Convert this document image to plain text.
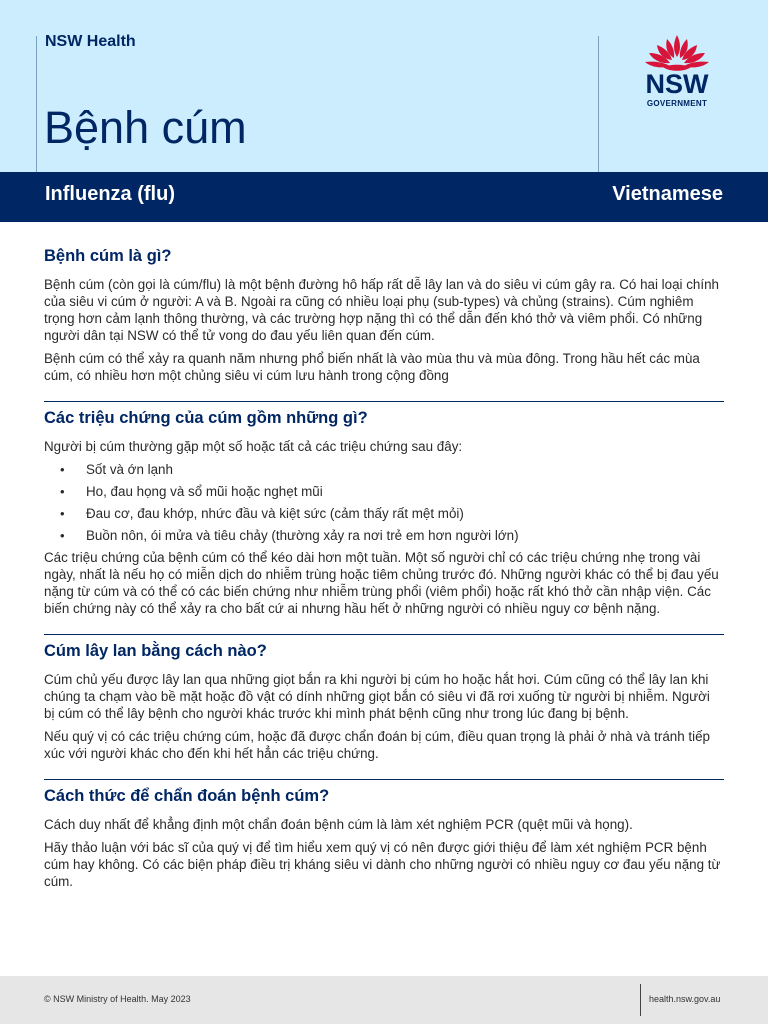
NSW Health
Bệnh cúm
NSW
GOVERNMENT
Influenza (flu)	Vietnamese
Bệnh cúm là gì?

Bệnh cúm (còn gọi là cúm/flu) là một bệnh đường hô hấp rất dễ lây lan và do siêu vi cúm gây ra. Có hai loại chính của siêu vi cúm ở người: A và B. Ngoài ra cũng có nhiều loại phụ (sub-types) và chủng (strains). Cúm nghiêm trọng hơn cảm lạnh thông thường, và các trường hợp nặng thì có thể dẫn đến khó thở và viêm phổi. Có những người dân tại NSW có thể tử vong do đau yếu liên quan đến cúm.

Bệnh cúm có thể xảy ra quanh năm nhưng phổ biến nhất là vào mùa thu và mùa đông. Trong hầu hết các mùa cúm, có nhiều hơn một chủng siêu vi cúm lưu hành trong cộng đồng

Các triệu chứng của cúm gồm những gì?

Người bị cúm thường gặp một số hoặc tất cả các triệu chứng sau đây:

• Sốt và ớn lạnh
• Ho, đau họng và sổ mũi hoặc nghẹt mũi
• Đau cơ, đau khớp, nhức đầu và kiệt sức (cảm thấy rất mệt mỏi)
• Buồn nôn, ói mửa và tiêu chảy (thường xảy ra nơi trẻ em hơn người lớn)

Các triệu chứng của bệnh cúm có thể kéo dài hơn một tuần. Một số người chỉ có các triệu chứng nhẹ trong vài ngày, nhất là nếu họ có miễn dịch do nhiễm trùng hoặc tiêm chủng trước đó. Những người khác có thể bị đau yếu nặng từ cúm và có thể có các biến chứng như nhiễm trùng phổi (viêm phổi) hoặc rất khó thở cần nhập viện. Các biến chứng này có thể xảy ra cho bất cứ ai nhưng hầu hết ở những người có nhiều nguy cơ bệnh nặng.

Cúm lây lan bằng cách nào?

Cúm chủ yếu được lây lan qua những giọt bắn ra khi người bị cúm ho hoặc hắt hơi. Cúm cũng có thể lây lan khi chúng ta chạm vào bề mặt hoặc đồ vật có dính những giọt bắn có siêu vi đã rơi xuống từ người bị nhiễm. Người bị cúm có thể lây bệnh cho người khác trước khi mình phát bệnh cũng như trong lúc đang bị bệnh.

Nếu quý vị có các triệu chứng cúm, hoặc đã được chẩn đoán bị cúm, điều quan trọng là phải ở nhà và tránh tiếp xúc với người khác cho đến khi hết hẳn các triệu chứng.

Cách thức để chẩn đoán bệnh cúm?

Cách duy nhất để khẳng định một chẩn đoán bệnh cúm là làm xét nghiệm PCR (quệt mũi và họng).

Hãy thảo luận với bác sĩ của quý vị để tìm hiểu xem quý vị có nên được giới thiệu để làm xét nghiệm PCR bệnh cúm hay không. Có các biện pháp điều trị kháng siêu vi dành cho những người có nhiều nguy cơ đau yếu nặng từ cúm.

© NSW Ministry of Health. May 2023	health.nsw.gov.au
